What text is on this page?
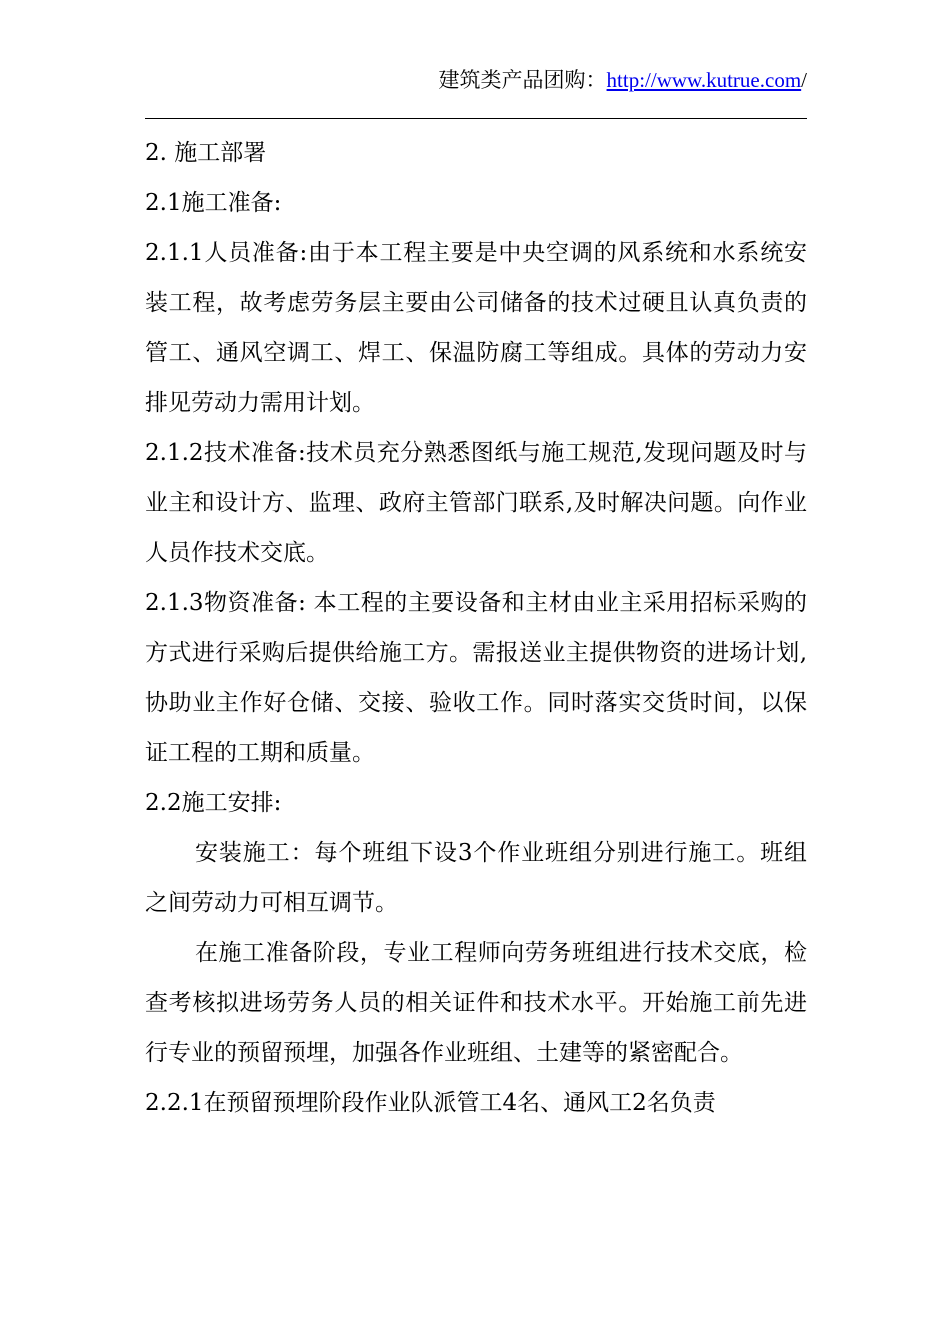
建筑类产品团购：http://www.kutrue.com/

2. 施工部署

2.1施工准备:

2.1.1人员准备:由于本工程主要是中央空调的风系统和水系统安装工程，故考虑劳务层主要由公司储备的技术过硬且认真负责的管工、通风空调工、焊工、保温防腐工等组成。具体的劳动力安排见劳动力需用计划。

2.1.2技术准备:技术员充分熟悉图纸与施工规范,发现问题及时与业主和设计方、监理、政府主管部门联系,及时解决问题。向作业人员作技术交底。

2.1.3物资准备: 本工程的主要设备和主材由业主采用招标采购的方式进行采购后提供给施工方。需报送业主提供物资的进场计划,协助业主作好仓储、交接、验收工作。同时落实交货时间，以保证工程的工期和质量。

2.2施工安排:

安装施工：每个班组下设3个作业班组分别进行施工。班组之间劳动力可相互调节。

在施工准备阶段，专业工程师向劳务班组进行技术交底，检查考核拟进场劳务人员的相关证件和技术水平。开始施工前先进行专业的预留预埋，加强各作业班组、土建等的紧密配合。

2.2.1在预留预埋阶段作业队派管工4名、通风工2名负责
